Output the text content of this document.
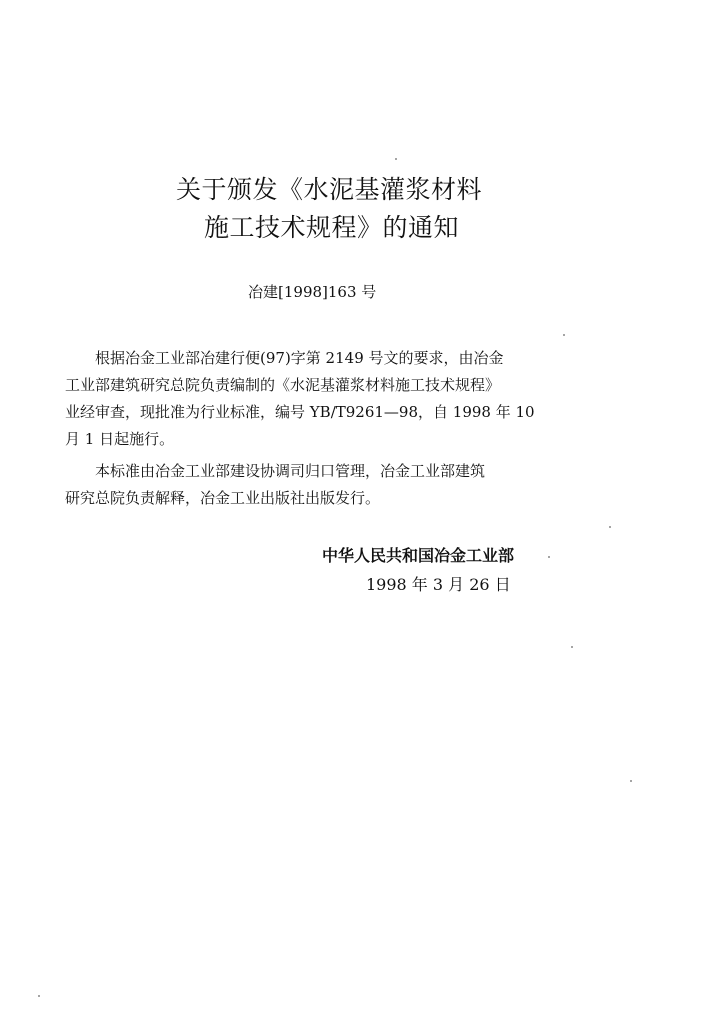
关于颁发《水泥基灌浆材料
施工技术规程》的通知
冶建[1998]163 号
　　根据冶金工业部冶建行便(97)字第 2149 号文的要求，由冶金
工业部建筑研究总院负责编制的《水泥基灌浆材料施工技术规程》
业经审查，现批准为行业标准，编号 YB/T9261—98，自 1998 年 10
月 1 日起施行。
　　本标准由冶金工业部建设协调司归口管理，冶金工业部建筑
研究总院负责解释，冶金工业出版社出版发行。
中华人民共和国冶金工业部
1998 年 3 月 26 日
